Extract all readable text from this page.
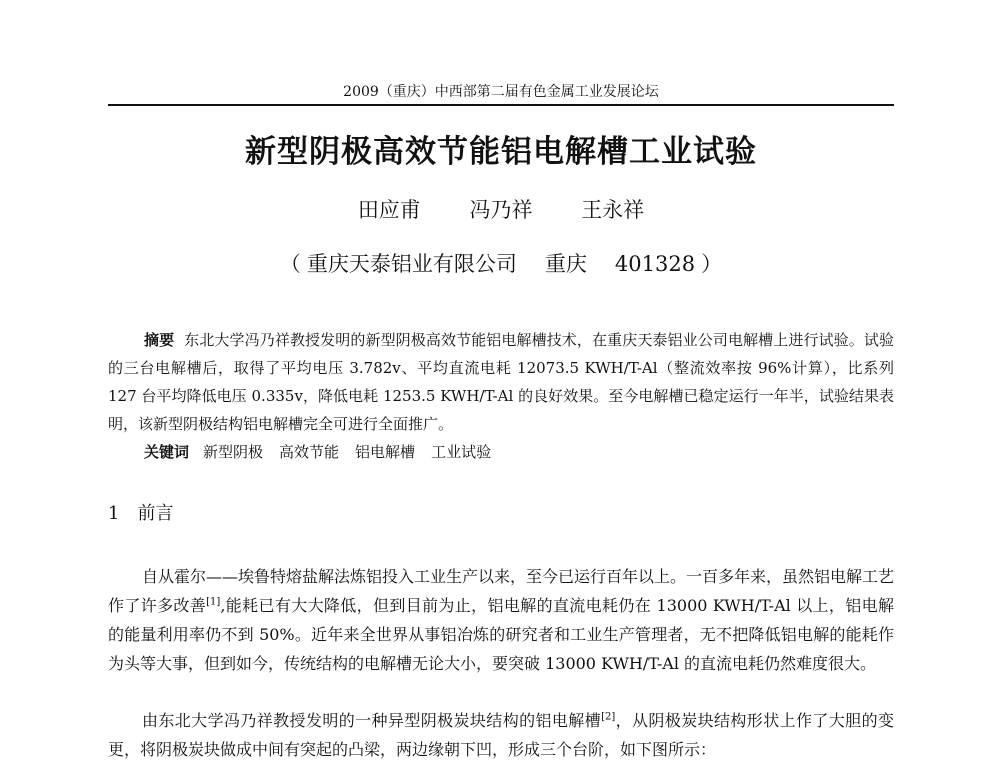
2009（重庆）中西部第二届有色金属工业发展论坛
新型阴极高效节能铝电解槽工业试验
田应甫 冯乃祥 王永祥
（ 重庆天泰铝业有限公司 重庆 401328 ）
摘要 东北大学冯乃祥教授发明的新型阴极高效节能铝电解槽技术，在重庆天泰铝业公司电解槽上进行试验。试验的三台电解槽后，取得了平均电压 3.782v、平均直流电耗 12073.5 KWH/T-Al（整流效率按 96%计算），比系列 127 台平均降低电压 0.335v，降低电耗 1253.5 KWH/T-Al 的良好效果。至今电解槽已稳定运行一年半，试验结果表明，该新型阴极结构铝电解槽完全可进行全面推广。
关键词 新型阴极 高效节能 铝电解槽 工业试验
1 前言

自从霍尔——埃鲁特熔盐解法炼铝投入工业生产以来，至今已运行百年以上。一百多年来，虽然铝电解工艺作了许多改善[1],能耗已有大大降低，但到目前为止，铝电解的直流电耗仍在 13000 KWH/T-Al 以上，铝电解的能量利用率仍不到 50%。近年来全世界从事铝冶炼的研究者和工业生产管理者，无不把降低铝电解的能耗作为头等大事，但到如今，传统结构的电解槽无论大小，要突破 13000 KWH/T-Al 的直流电耗仍然难度很大。

由东北大学冯乃祥教授发明的一种异型阴极炭块结构的铝电解槽[2]，从阴极炭块结构形状上作了大胆的变更，将阴极炭块做成中间有突起的凸梁，两边缘朝下凹，形成三个台阶，如下图所示：
